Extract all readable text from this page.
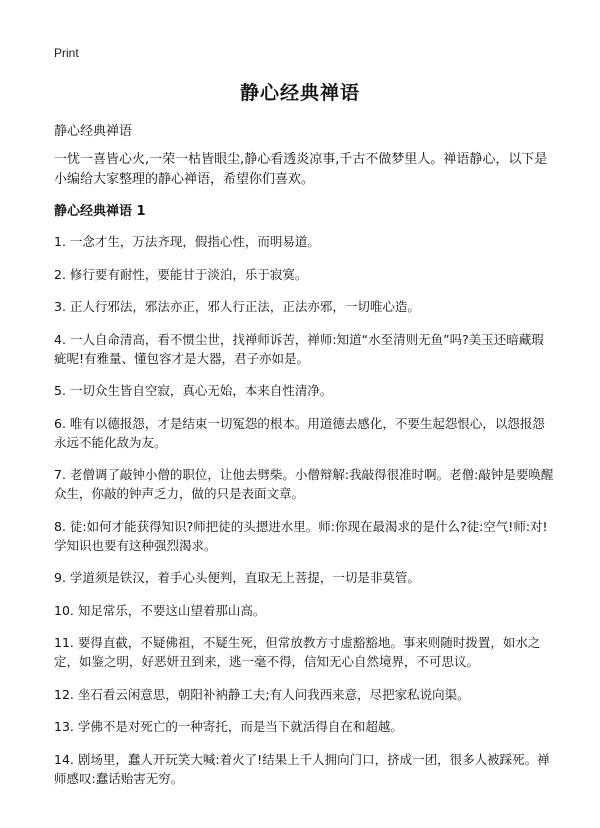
Print
静心经典禅语
静心经典禅语
一忧一喜皆心火,一荣一枯皆眼尘,静心看透炎凉事,千古不做梦里人。禅语静心，以下是小编给大家整理的静心禅语，希望你们喜欢。
静心经典禅语 1

1. 一念才生，万法齐现，假指心性，而明易道。

2. 修行要有耐性，要能甘于淡泊，乐于寂寞。

3. 正人行邪法，邪法亦正，邪人行正法，正法亦邪，一切唯心造。

4. 一人自命清高，看不惯尘世，找禅师诉苦，禅师:知道“水至清则无鱼”吗?美玉还暗藏瑕疵呢!有雅量、懂包容才是大器，君子亦如是。

5. 一切众生皆自空寂，真心无始，本来自性清净。

6. 唯有以德报怨，才是结束一切冤怨的根本。用道德去感化，不要生起怨恨心，以怨报怨永远不能化敌为友。

7. 老僧调了敲钟小僧的职位，让他去劈柴。小僧辩解:我敲得很准时啊。老僧:敲钟是要唤醒众生，你敲的钟声乏力，做的只是表面文章。

8. 徒:如何才能获得知识?师把徒的头摁进水里。师:你现在最渴求的是什么?徒:空气!师:对!学知识也要有这种强烈渴求。

9. 学道须是铁汉，着手心头便判，直取无上菩提，一切是非莫管。

10. 知足常乐，不要这山望着那山高。

11. 要得直截，不疑佛祖，不疑生死，但常放教方寸虚豁豁地。事来则随时拨置，如水之定，如鉴之明，好恶妍丑到来，逃一毫不得，信知无心自然境界，不可思议。

12. 坐石看云闲意思，朝阳补衲静工夫;有人问我西来意，尽把家私说向渠。

13. 学佛不是对死亡的一种寄托，而是当下就活得自在和超越。

14. 剧场里，蠢人开玩笑大喊:着火了!结果上千人拥向门口，挤成一团，很多人被踩死。禅师感叹:蠢话贻害无穷。
